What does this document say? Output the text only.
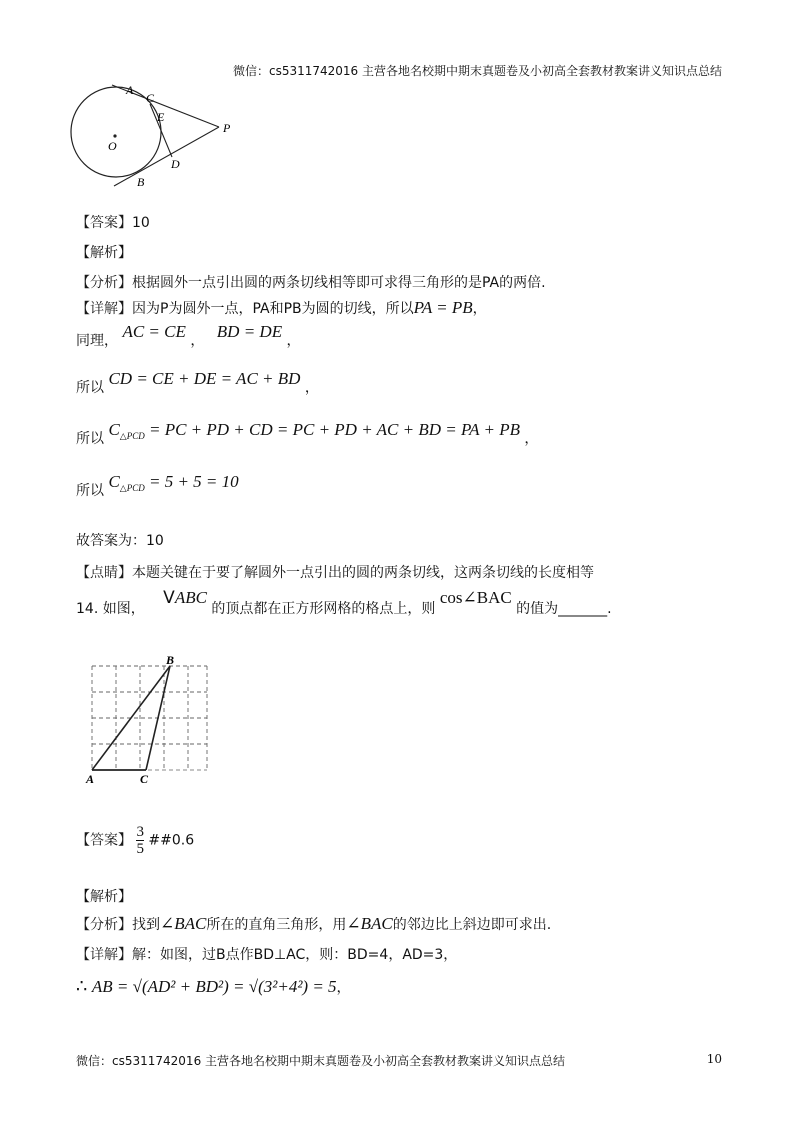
微信：cs5311742016 主营各地名校期中期末真题卷及小初高全套教材教案讲义知识点总结
A
C
E
P
O
D
B
【答案】10
【解析】
【分析】根据圆外一点引出圆的两条切线相等即可求得三角形的是PA的两倍.
【详解】因为P为圆外一点，PA和PB为圆的切线，所以PA = PB，
同理， AC = CE ， BD = DE ，
所以 CD = CE + DE = AC + BD ，
所以 $C_{\triangle PCD}$ = PC + PD + CD = PC + PD + AC + BD = PA + PB ，
所以 $C_{\triangle PCD} = 5 + 5 = 10$
故答案为：10
【点睛】本题关键在于要了解圆外一点引出的圆的两条切线，这两条切线的长度相等
14. 如图， VABC 的顶点都在正方形网格的格点上，则 cos∠BAC 的值为_______.
B
A	C
【答案】 $\frac{3}{5}$ ##0.6
【解析】
【分析】找到∠BAC所在的直角三角形，用∠BAC的邻边比上斜边即可求出.
【详解】解：如图，过B点作BD⊥AC，则：BD=4，AD=3，
∴ AB = √(AD² + BD²) = √(3²+4²) = 5，
微信：cs5311742016 主营各地名校期中期末真题卷及小初高全套教材教案讲义知识点总结	10
